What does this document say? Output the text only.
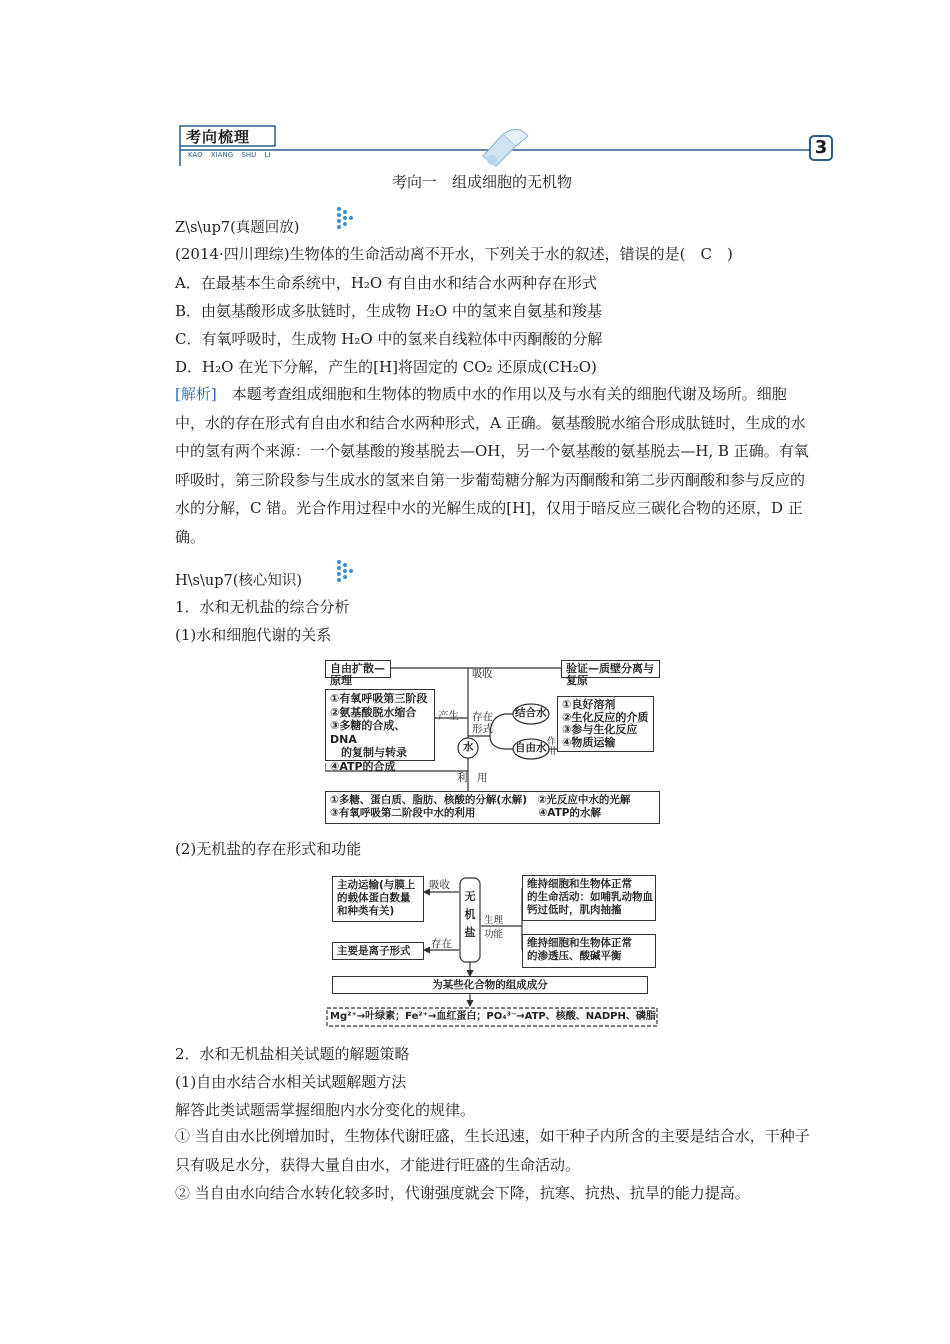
考向梳理
KAO XIANG SHU LI	3
考向一　组成细胞的无机物
Z\s\up7(真题回放)
(2014·四川理综)生物体的生命活动离不开水，下列关于水的叙述，错误的是(　C　)
A．在最基本生命系统中，H₂O 有自由水和结合水两种存在形式
B．由氨基酸形成多肽链时，生成物 H₂O 中的氢来自氨基和羧基
C．有氧呼吸时，生成物 H₂O 中的氢来自线粒体中丙酮酸的分解
D．H₂O 在光下分解，产生的[H]将固定的 CO₂ 还原成(CH₂O)
[解析]　本题考查组成细胞和生物体的物质中水的作用以及与水有关的细胞代谢及场所。细胞中，水的存在形式有自由水和结合水两种形式，A 正确。氨基酸脱水缩合形成肽链时，生成的水中的氢有两个来源：一个氨基酸的羧基脱去—OH，另一个氨基酸的氨基脱去—H, B 正确。有氧呼吸时，第三阶段参与生成水的氢来自第一步葡萄糖分解为丙酮酸和第二步丙酮酸和参与反应的水的分解，C 错。光合作用过程中水的光解生成的[H]，仅用于暗反应三碳化合物的还原，D 正确。
H\s\up7(核心知识)
1．水和无机盐的综合分析
(1)水和细胞代谢的关系
自由扩散—原理
验证—质壁分离与复原
吸 收
①有氧呼吸第三阶段
②氨基酸脱水缩合
③多糖的合成、DNA
　的复制与转录
④ATP的合成
产生 存在
形式
水
结合水
自由水 作
用
①良好溶剂
②生化反应的介质
③参与生化反应
④物质运输
利 用
①多糖、蛋白质、脂肪、核酸的分解(水解)　②光反应中水的光解
③有氧呼吸第二阶段中水的利用　　　　　　④ATP的水解
(2)无机盐的存在形式和功能
主动运输(与膜上
的载体蛋白数量
和种类有关)
吸收
无
机
盐
生理
功能
维持细胞和生物体正常
的生命活动：如哺乳动物血
钙过低时，肌肉抽搐
维持细胞和生物体正常
的渗透压、酸碱平衡
主要是离子形式
存在
为某些化合物的组成成分
Mg²⁺→叶绿素；Fe²⁺→血红蛋白；PO₄³⁻→ATP、核酸、NADPH、磷脂
2．水和无机盐相关试题的解题策略
(1)自由水结合水相关试题解题方法
解答此类试题需掌握细胞内水分变化的规律。
① 当自由水比例增加时，生物体代谢旺盛，生长迅速，如干种子内所含的主要是结合水，干种子只有吸足水分，获得大量自由水，才能进行旺盛的生命活动。
② 当自由水向结合水转化较多时，代谢强度就会下降，抗寒、抗热、抗旱的能力提高。
